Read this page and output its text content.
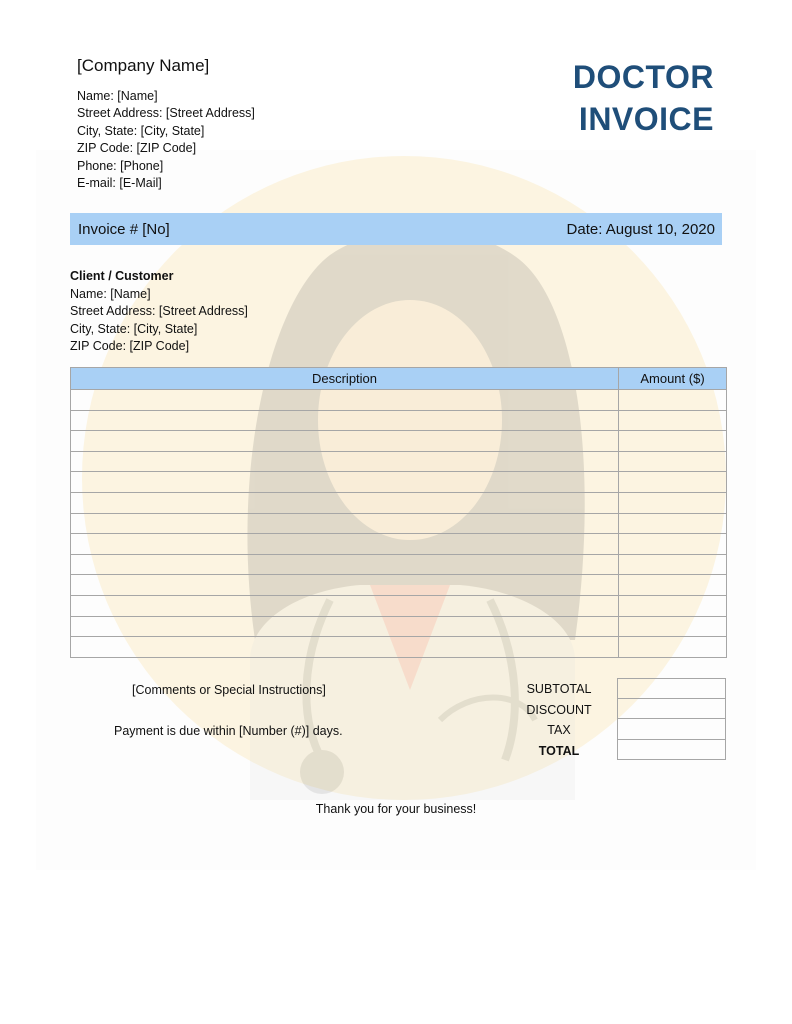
[Company Name]
Name: [Name]
Street Address: [Street Address]
City, State: [City, State]
ZIP Code: [ZIP Code]
Phone: [Phone]
E-mail: [E-Mail]
DOCTOR
INVOICE
Invoice # [No]	Date: August 10, 2020
Client / Customer
Name: [Name]
Street Address: [Street Address]
City, State: [City, State]
ZIP Code: [ZIP Code]
Description	Amount ($)

[Comments or Special Instructions]
Payment is due within [Number (#)] days.
SUBTOTAL
DISCOUNT
TAX
TOTAL
Thank you for your business!
